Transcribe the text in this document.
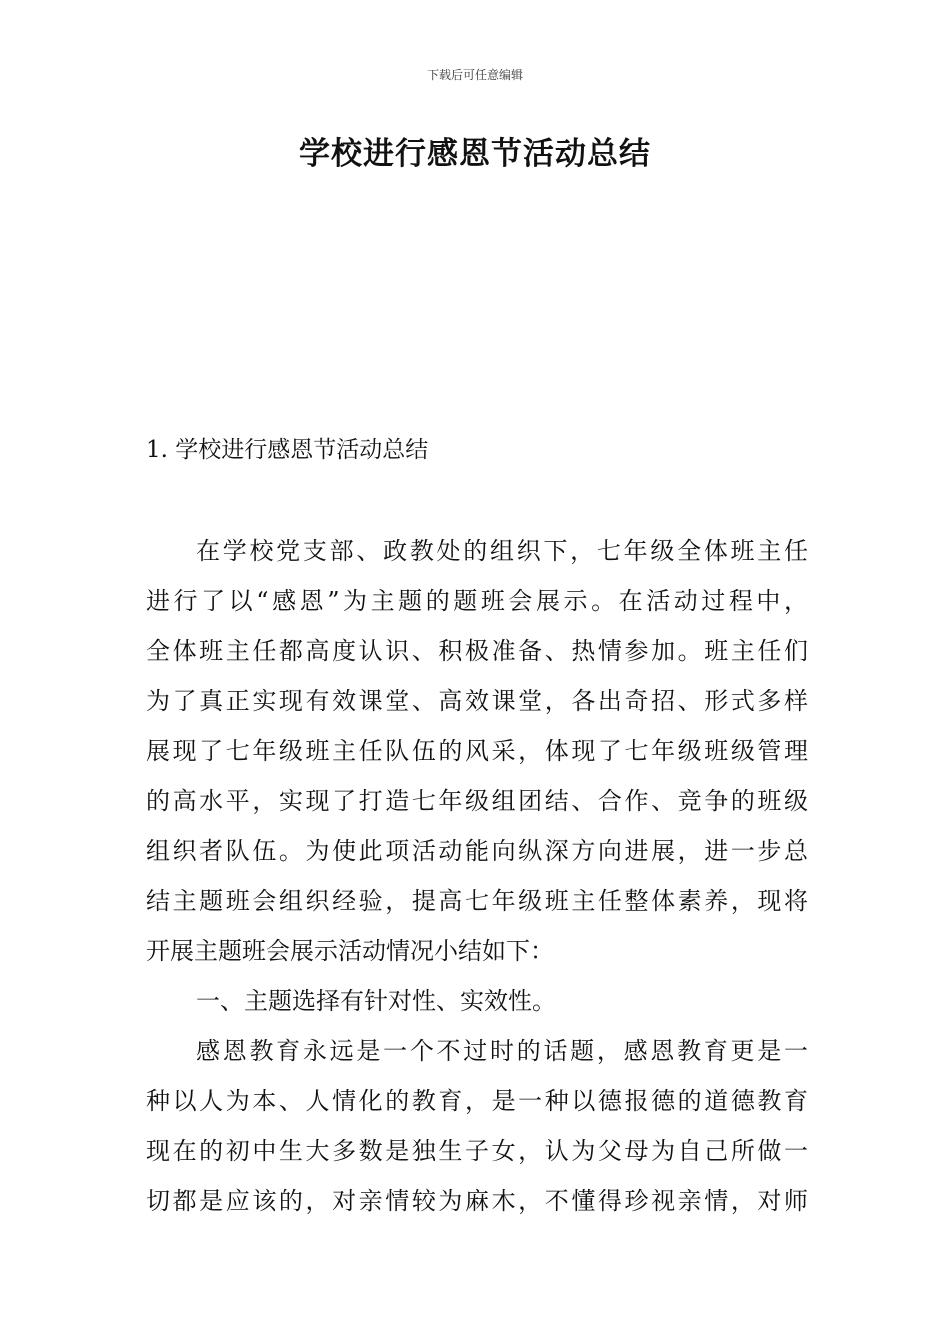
下载后可任意编辑
学校进行感恩节活动总结
1. 学校进行感恩节活动总结

在学校党支部、政教处的组织下，七年级全体班主任
进行了以“感恩”为主题的题班会展示。在活动过程中，
全体班主任都高度认识、积极准备、热情参加。班主任们
为了真正实现有效课堂、高效课堂，各出奇招、形式多样
展现了七年级班主任队伍的风采，体现了七年级班级管理
的高水平，实现了打造七年级组团结、合作、竞争的班级
组织者队伍。为使此项活动能向纵深方向进展，进一步总
结主题班会组织经验，提高七年级班主任整体素养，现将
开展主题班会展示活动情况小结如下：

一、主题选择有针对性、实效性。

感恩教育永远是一个不过时的话题，感恩教育更是一
种以人为本、人情化的教育，是一种以德报德的道德教育
现在的初中生大多数是独生子女，认为父母为自己所做一
切都是应该的，对亲情较为麻木，不懂得珍视亲情，对师
